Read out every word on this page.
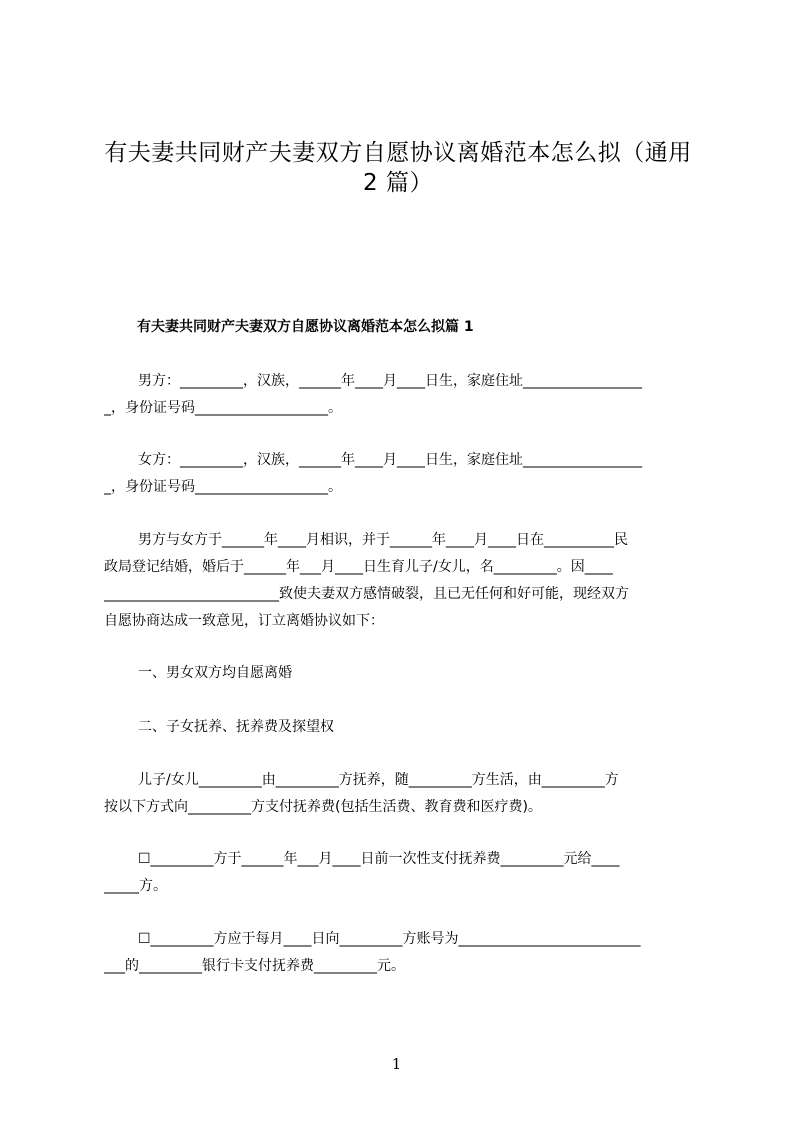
有夫妻共同财产夫妻双方自愿协议离婚范本怎么拟（通用
2 篇）
有夫妻共同财产夫妻双方自愿协议离婚范本怎么拟篇 1
男方：_________，汉族，______年____月____日生，家庭住址_________________
_，身份证号码___________________。
女方：_________，汉族，______年____月____日生，家庭住址_________________
_，身份证号码___________________。
男方与女方于______年____月相识，并于______年____月____日在__________民
政局登记结婚，婚后于______年___月____日生育儿子/女儿，名_________。因____
_________________________致使夫妻双方感情破裂，且已无任何和好可能，现经双方
自愿协商达成一致意见，订立离婚协议如下：
一、男女双方均自愿离婚
二、子女抚养、抚养费及探望权
儿子/女儿_________由_________方抚养，随_________方生活，由_________方
按以下方式向_________方支付抚养费(包括生活费、教育费和医疗费)。
☐_________方于______年___月____日前一次性支付抚养费_________元给____
_____方。
☐_________方应于每月____日向_________方账号为__________________________
___的_________银行卡支付抚养费_________元。
1
